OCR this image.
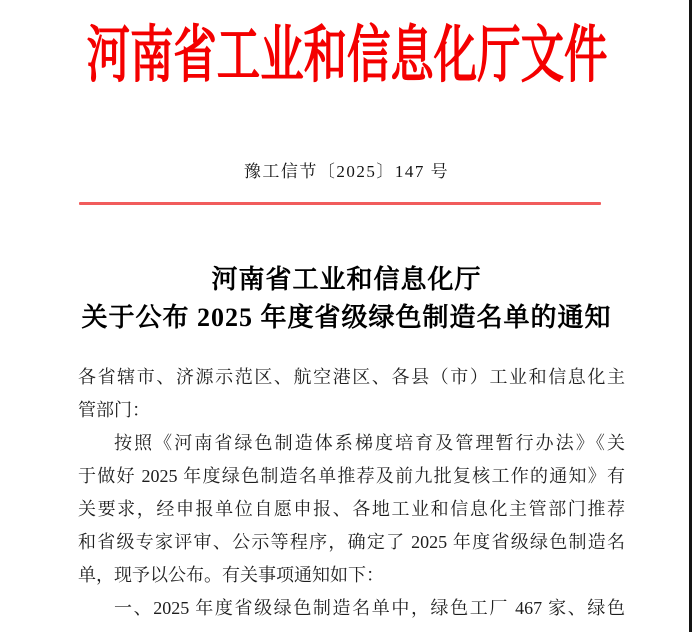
河南省工业和信息化厅文件
豫工信节〔2025〕147 号
河南省工业和信息化厅
关于公布 2025 年度省级绿色制造名单的通知
各省辖市、济源示范区、航空港区、各县（市）工业和信息化主
管部门：
按照《河南省绿色制造体系梯度培育及管理暂行办法》《关
于做好 2025 年度绿色制造名单推荐及前九批复核工作的通知》有
关要求，经申报单位自愿申报、各地工业和信息化主管部门推荐
和省级专家评审、公示等程序，确定了 2025 年度省级绿色制造名
单，现予以公布。有关事项通知如下：
一、2025 年度省级绿色制造名单中，绿色工厂 467 家、绿色
